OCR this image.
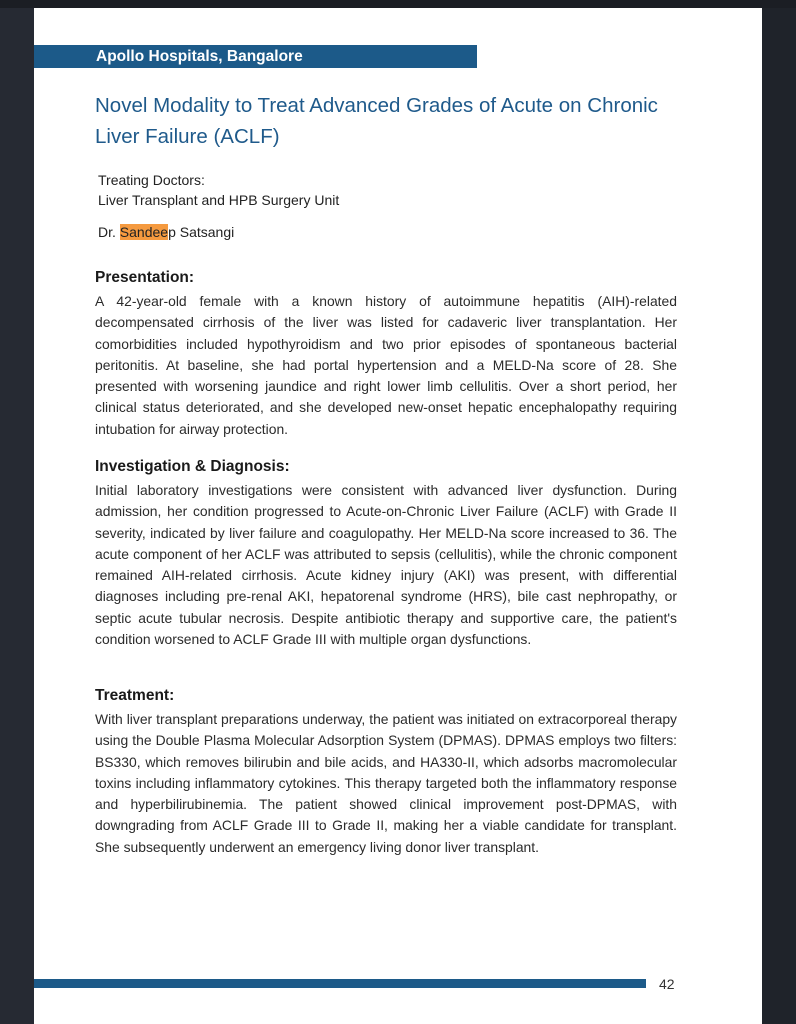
Apollo Hospitals, Bangalore
Novel Modality to Treat Advanced Grades of Acute on Chronic Liver Failure (ACLF)
Treating Doctors:
Liver Transplant and HPB Surgery Unit
Dr. Sandeep Satsangi
Presentation:

A 42-year-old female with a known history of autoimmune hepatitis (AIH)-related decompensated cirrhosis of the liver was listed for cadaveric liver transplantation. Her comorbidities included hypothyroidism and two prior episodes of spontaneous bacterial peritonitis. At baseline, she had portal hypertension and a MELD-Na score of 28. She presented with worsening jaundice and right lower limb cellulitis. Over a short period, her clinical status deteriorated, and she developed new-onset hepatic encephalopathy requiring intubation for airway protection.

Investigation & Diagnosis:

Initial laboratory investigations were consistent with advanced liver dysfunction. During admission, her condition progressed to Acute-on-Chronic Liver Failure (ACLF) with Grade II severity, indicated by liver failure and coagulopathy. Her MELD-Na score increased to 36. The acute component of her ACLF was attributed to sepsis (cellulitis), while the chronic component remained AIH-related cirrhosis. Acute kidney injury (AKI) was present, with differential diagnoses including pre-renal AKI, hepatorenal syndrome (HRS), bile cast nephropathy, or septic acute tubular necrosis. Despite antibiotic therapy and supportive care, the patient's condition worsened to ACLF Grade III with multiple organ dysfunctions.

Treatment:

With liver transplant preparations underway, the patient was initiated on extracorporeal therapy using the Double Plasma Molecular Adsorption System (DPMAS). DPMAS employs two filters: BS330, which removes bilirubin and bile acids, and HA330-II, which adsorbs macromolecular toxins including inflammatory cytokines. This therapy targeted both the inflammatory response and hyperbilirubinemia. The patient showed clinical improvement post-DPMAS, with downgrading from ACLF Grade III to Grade II, making her a viable candidate for transplant. She subsequently underwent an emergency living donor liver transplant.

42
